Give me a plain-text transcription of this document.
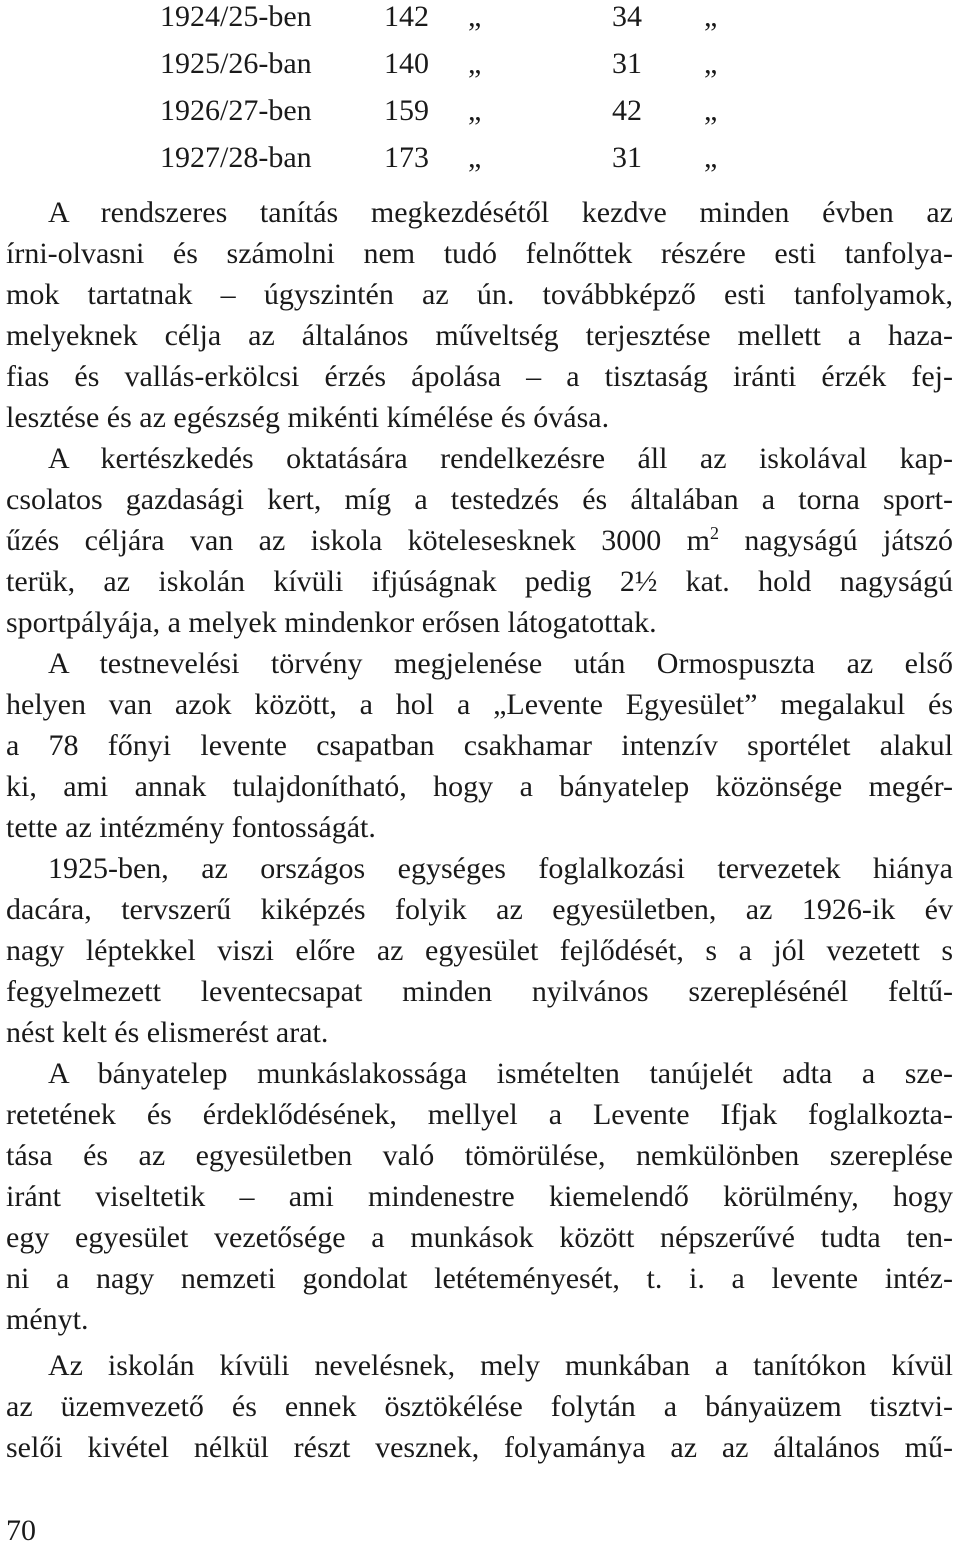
1924/25-ben 142 „	34 „
1925/26-ban 140 „	31 „
1926/27-ben 159 „	42 „
1927/28-ban 173 „	31 „
A rendszeres tanítás megkezdésétől kezdve minden évben az
írni-olvasni és számolni nem tudó felnőttek részére esti tanfolya-
mok tartatnak – úgyszintén az ún. továbbképző esti tanfolyamok,
melyeknek célja az általános műveltség terjesztése mellett a haza-
fias és vallás-erkölcsi érzés ápolása – a tisztaság iránti érzék fej-
lesztése és az egészség mikénti kímélése és óvása.
A kertészkedés oktatására rendelkezésre áll az iskolával kap-
csolatos gazdasági kert, míg a testedzés és általában a torna sport-
űzés céljára van az iskola kötelesesknek 3000 $m^2$ nagyságú játszó
terük, az iskolán kívüli ifjúságnak pedig 2½ kat. hold nagyságú
sportpályája, a melyek mindenkor erősen látogatottak.
A testnevelési törvény megjelenése után Ormospuszta az első
helyen van azok között, a hol a „Levente Egyesület” megalakul és
a 78 főnyi levente csapatban csakhamar intenzív sportélet alakul
ki, ami annak tulajdonítható, hogy a bányatelep közönsége megér-
tette az intézmény fontosságát.
1925-ben, az országos egységes foglalkozási tervezetek hiánya
dacára, tervszerű kiképzés folyik az egyesületben, az 1926-ik év
nagy léptekkel viszi előre az egyesület fejlődését, s a jól vezetett s
fegyelmezett leventecsapat minden nyilvános szereplésénél feltű-
nést kelt és elismerést arat.
A bányatelep munkáslakossága ismételten tanújelét adta a sze-
retetének és érdeklődésének, mellyel a Levente Ifjak foglalkozta-
tása és az egyesületben való tömörülése, nemkülönben szereplése
iránt viseltetik – ami mindenestre kiemelendő körülmény, hogy
egy egyesület vezetősége a munkások között népszerűvé tudta ten-
ni a nagy nemzeti gondolat letéteményesét, t. i. a levente intéz-
ményt.
Az iskolán kívüli nevelésnek, mely munkában a tanítókon kívül
az üzemvezető és ennek ösztökélése folytán a bányaüzem tisztvi-
selői kivétel nélkül részt vesznek, folyamánya az az általános mű-
70
